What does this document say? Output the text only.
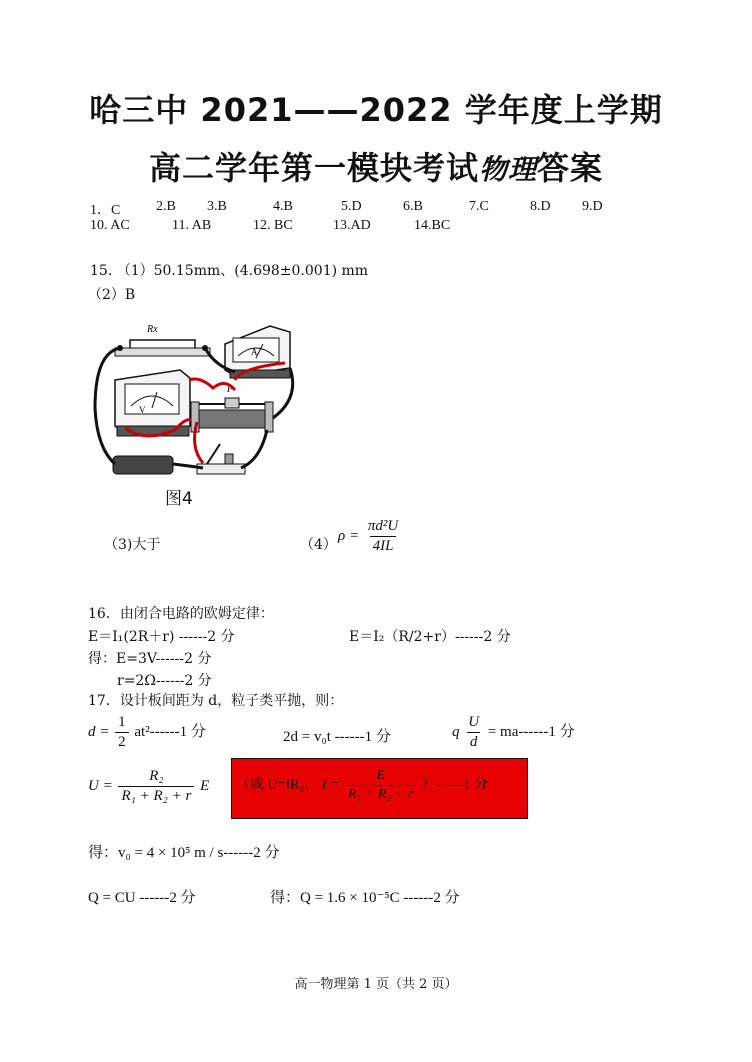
哈三中 2021——2022 学年度上学期
高二学年第一模块考试物理答案
1．C	2.B 3.B	4.B	5.D	6.B	7.C	8.D 9.D
10. AC	11. AB	12. BC	13.AD	14.BC
15. （1）50.15mm、(4.698±0.001) mm
（2）B
Rx
A
V
P
图4
（3)大于	（4）
$\rho = \frac{\text{πd²U}}{4IL}$
16．由闭合电路的欧姆定律：
E＝I₁(2R＋r) ------2 分	E＝I₂（R/2+r）------2 分
得：E=3V------2 分
r=2Ω------2 分
17．设计板间距为 d，粒子类平抛，则：
$d = \frac{1}{2} at^2------1$ 分	2d = v₀t ------1 分	q $\frac{U}{d} = ma------1$ 分
$U = \frac{\text{R₂}}{\text{R₁ + R₂ + r}}$ E （或 U=IR₂、 $I = \frac{E}{\text{R₁ + R₂ + r}} )------1$ 分
得：v₀ = 4 × 10⁵ m / s------2 分
Q = CU ------2 分	得：Q = 1.6 × 10⁻⁵C ------2 分
高一物理第 1 页（共 2 页）
